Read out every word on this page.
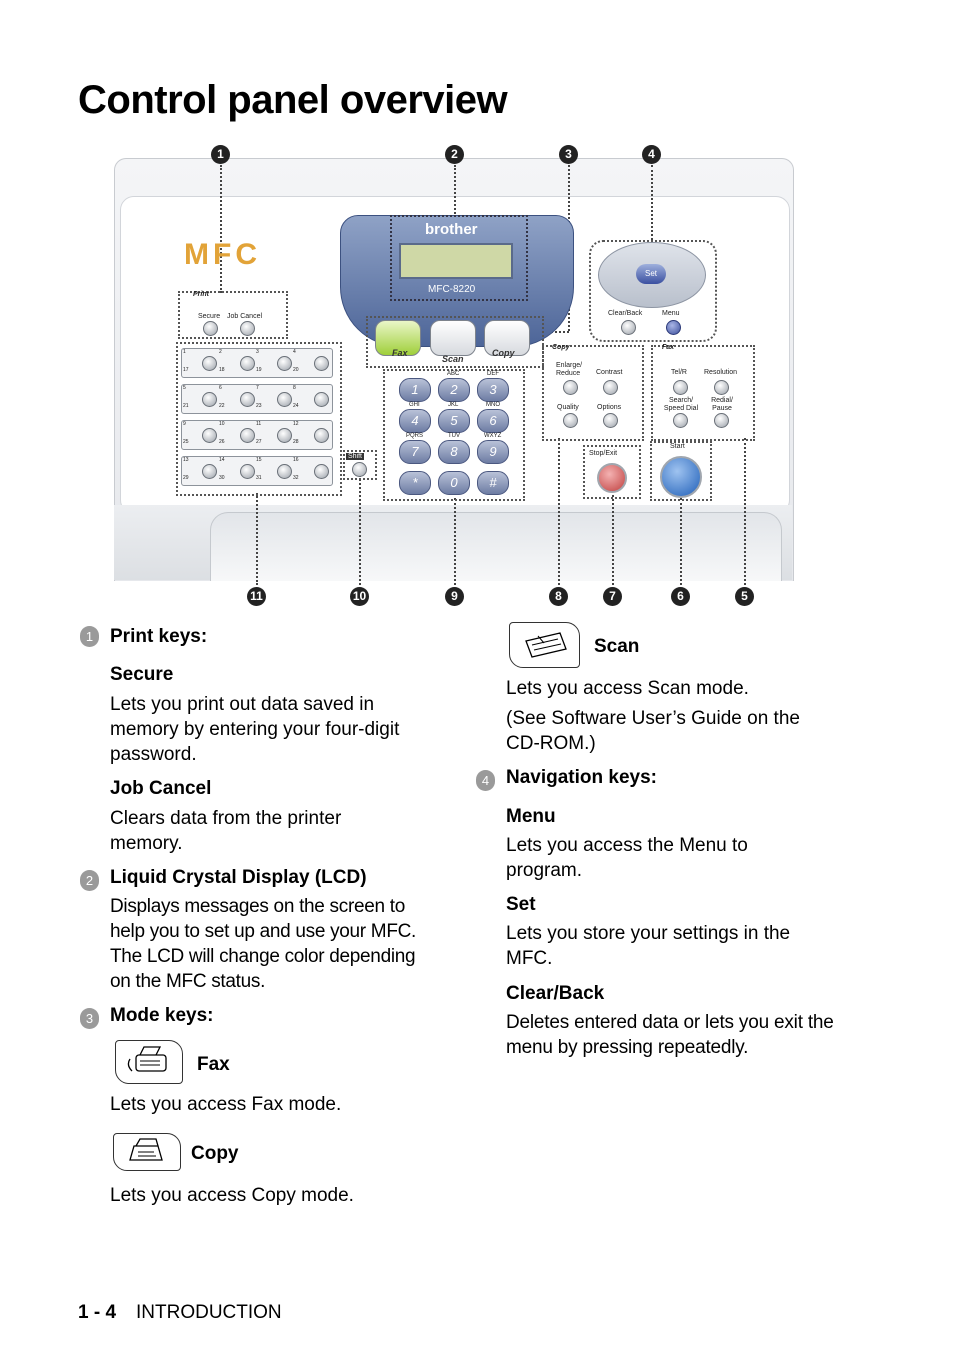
Control panel overview
1	2	3	4
11	10	9	8	7	6	5
MFC
brother
MFC-8220
Fax
Scan
Copy
Print
Secure Job Cancel
1	2	3	4
17	18	19	20
5	6	7	8
21	22	23	24
9	10	11	12
25	26	27	28
13	14	15	16
29	30	31	32
Shift
1	2	3
4	5	6
7	8	9
*	0	#
ABC	DEF
GHI	JKL	MNO
PQRS	TUV	WXYZ
Copy
Enlarge/ Reduce	Contrast
Quality	Options
Fax
Tel/R Resolution
Search/ Speed Dial
Redial/ Pause
Set
Clear/Back	Menu
Stop/Exit
Start
1 Print keys:
Secure

Lets you print out data saved in memory by entering your four-digit password.

Job Cancel

Clears data from the printer memory.

2 Liquid Crystal Display (LCD)

Displays messages on the screen to help you to set up and use your MFC. The LCD will change color depending on the MFC status.

3 Mode keys:
Fax

Lets you access Fax mode.

Copy

Lets you access Copy mode.

Scan

Lets you access Scan mode.

(See Software User’s Guide on the CD-ROM.)

4 Navigation keys:
Menu

Lets you access the Menu to program.

Set

Lets you store your settings in the MFC.

Clear/Back

Deletes entered data or lets you exit the menu by pressing repeatedly.

1 - 4 INTRODUCTION
